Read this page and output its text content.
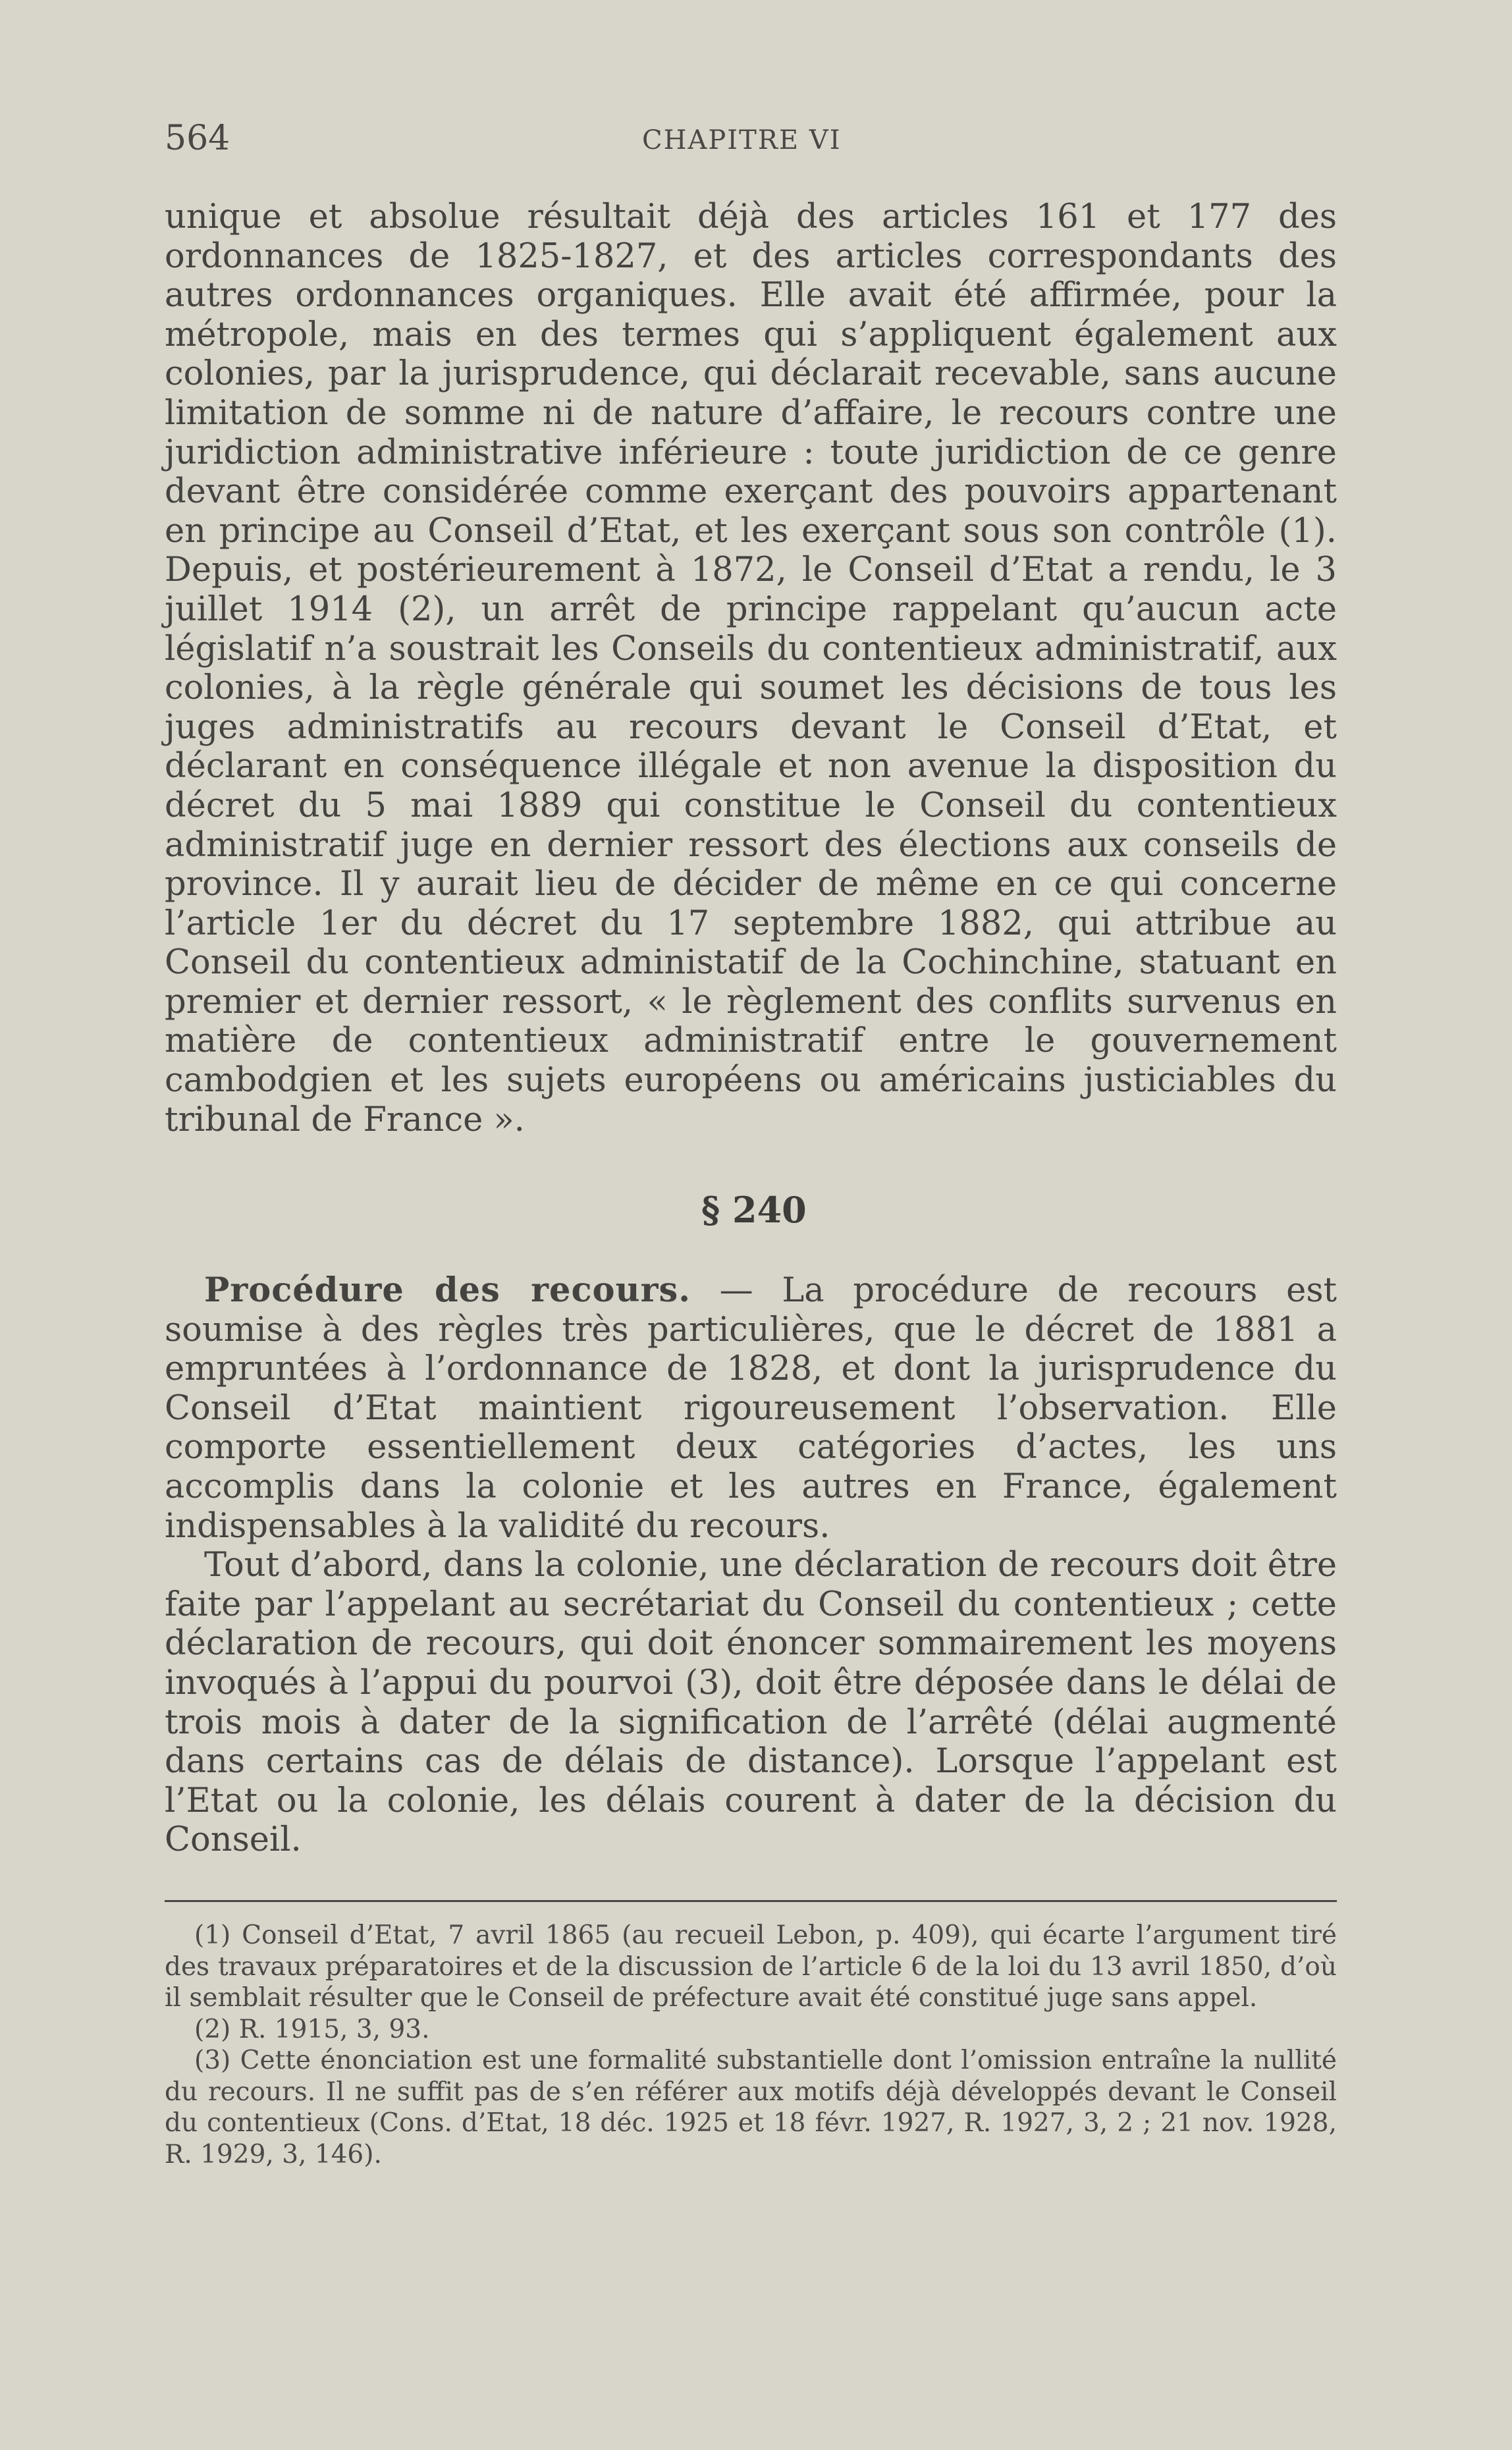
564	CHAPITRE VI

unique et absolue résultait déjà des articles 161 et 177 des ordonnances de 1825-1827, et des articles correspondants des autres ordonnances organiques. Elle avait été affirmée, pour la métropole, mais en des termes qui s’appliquent également aux colonies, par la jurisprudence, qui déclarait recevable, sans aucune limitation de somme ni de nature d’affaire, le recours contre une juridiction administrative inférieure : toute juridiction de ce genre devant être considérée comme exerçant des pouvoirs appartenant en principe au Conseil d’Etat, et les exerçant sous son contrôle (1). Depuis, et postérieurement à 1872, le Conseil d’Etat a rendu, le 3 juillet 1914 (2), un arrêt de principe rappelant qu’aucun acte législatif n’a soustrait les Conseils du contentieux administratif, aux colonies, à la règle générale qui soumet les décisions de tous les juges administratifs au recours devant le Conseil d’Etat, et déclarant en conséquence illégale et non avenue la disposition du décret du 5 mai 1889 qui constitue le Conseil du contentieux administratif juge en dernier ressort des élections aux conseils de province. Il y aurait lieu de décider de même en ce qui concerne l’article 1er du décret du 17 septembre 1882, qui attribue au Conseil du contentieux administatif de la Cochinchine, statuant en premier et dernier ressort, « le règlement des conflits survenus en matière de contentieux administratif entre le gouvernement cambodgien et les sujets européens ou américains justiciables du tribunal de France ».

§ 240

Procédure des recours. — La procédure de recours est soumise à des règles très particulières, que le décret de 1881 a empruntées à l’ordonnance de 1828, et dont la jurisprudence du Conseil d’Etat maintient rigoureusement l’observation. Elle comporte essentiellement deux catégories d’actes, les uns accomplis dans la colonie et les autres en France, également indispensables à la validité du recours.

Tout d’abord, dans la colonie, une déclaration de recours doit être faite par l’appelant au secrétariat du Conseil du contentieux ; cette déclaration de recours, qui doit énoncer sommairement les moyens invoqués à l’appui du pourvoi (3), doit être déposée dans le délai de trois mois à dater de la signification de l’arrêté (délai augmenté dans certains cas de délais de distance). Lorsque l’appelant est l’Etat ou la colonie, les délais courent à dater de la décision du Conseil.

(1) Conseil d’Etat, 7 avril 1865 (au recueil Lebon, p. 409), qui écarte l’argument tiré des travaux préparatoires et de la discussion de l’article 6 de la loi du 13 avril 1850, d’où il semblait résulter que le Conseil de préfecture avait été constitué juge sans appel.

(2) R. 1915, 3, 93.

(3) Cette énonciation est une formalité substantielle dont l’omission entraîne la nullité du recours. Il ne suffit pas de s’en référer aux motifs déjà développés devant le Conseil du contentieux (Cons. d’Etat, 18 déc. 1925 et 18 févr. 1927, R. 1927, 3, 2 ; 21 nov. 1928, R. 1929, 3, 146).
